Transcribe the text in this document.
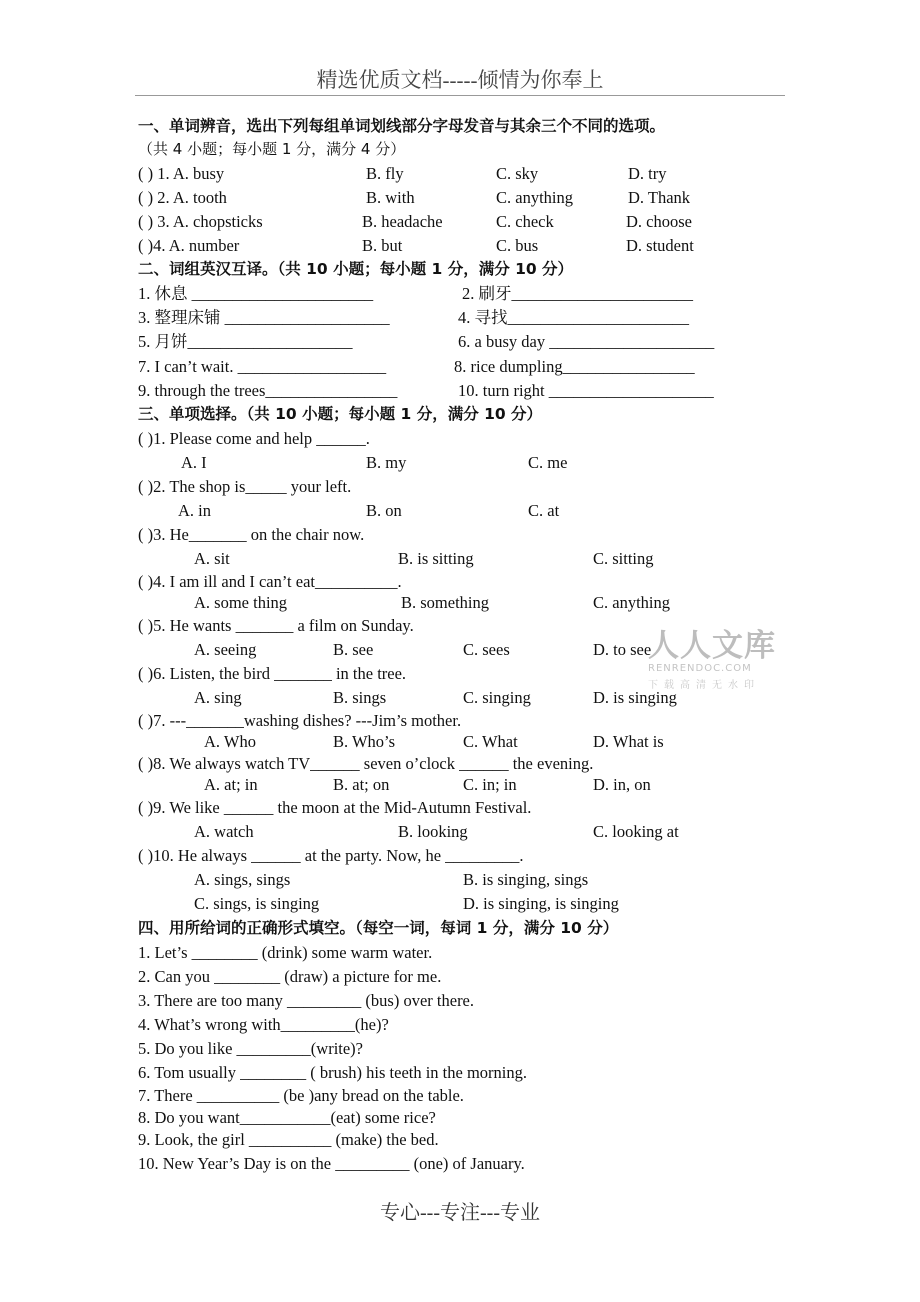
精选优质文档-----倾情为你奉上
一、单词辨音，选出下列每组单词划线部分字母发音与其余三个不同的选项。
（共 4 小题；每小题 1 分，满分 4 分）
( ) 1. A. busy	B. fly	C. sky	D. try
( ) 2. A. tooth	B. with	C. anything	D. Thank
( ) 3. A. chopsticks	B. headache	C. check	D. choose
( )4. A. number	B. but	C. bus	D. student
二、词组英汉互译。（共 10 小题；每小题 1 分，满分 10 分）
1. 休息 ______________________	2. 刷牙______________________
3. 整理床铺 ____________________	4. 寻找______________________
5. 月饼____________________	6. a busy day ____________________
7. I can’t wait. __________________	8. rice dumpling________________
9. through the trees________________	10. turn right ____________________
三、单项选择。（共 10 小题；每小题 1 分，满分 10 分）
( )1. Please come and help ______.
A. I	B. my	C. me
( )2. The shop is_____ your left.
A. in	B. on	C. at
( )3. He_______ on the chair now.
A. sit	B. is sitting	C. sitting
( )4. I am ill and I can’t eat__________.
A. some thing	B. something	C. anything
( )5. He wants _______ a film on Sunday.
A. seeing	B. see	C. sees	D. to see
( )6. Listen, the bird _______ in the tree.
A. sing	B. sings	C. singing	D. is singing
( )7. ---_______washing dishes? ---Jim’s mother.
A. Who	B. Who’s	C. What	D. What is
( )8. We always watch TV______ seven o’clock ______ the evening.
A. at; in	B. at; on	C. in; in	D. in, on
( )9. We like ______ the moon at the Mid-Autumn Festival.
A. watch	B. looking	C. looking at
( )10. He always ______ at the party. Now, he _________.
A. sings, sings	B. is singing, sings
C. sings, is singing	D. is singing, is singing
四、用所给词的正确形式填空。（每空一词，每词 1 分，满分 10 分）
1. Let’s ________ (drink) some warm water.
2. Can you ________ (draw) a picture for me.
3. There are too many _________ (bus) over there.
4. What’s wrong with_________(he)?
5. Do you like _________(write)?
6. Tom usually ________ ( brush) his teeth in the morning.
7. There __________ (be )any bread on the table.
8. Do you want___________(eat) some rice?
9. Look, the girl __________ (make) the bed.
10. New Year’s Day is on the _________ (one) of January.
人人文库
RENRENDOC.COM
下载高清无水印
专心---专注---专业
